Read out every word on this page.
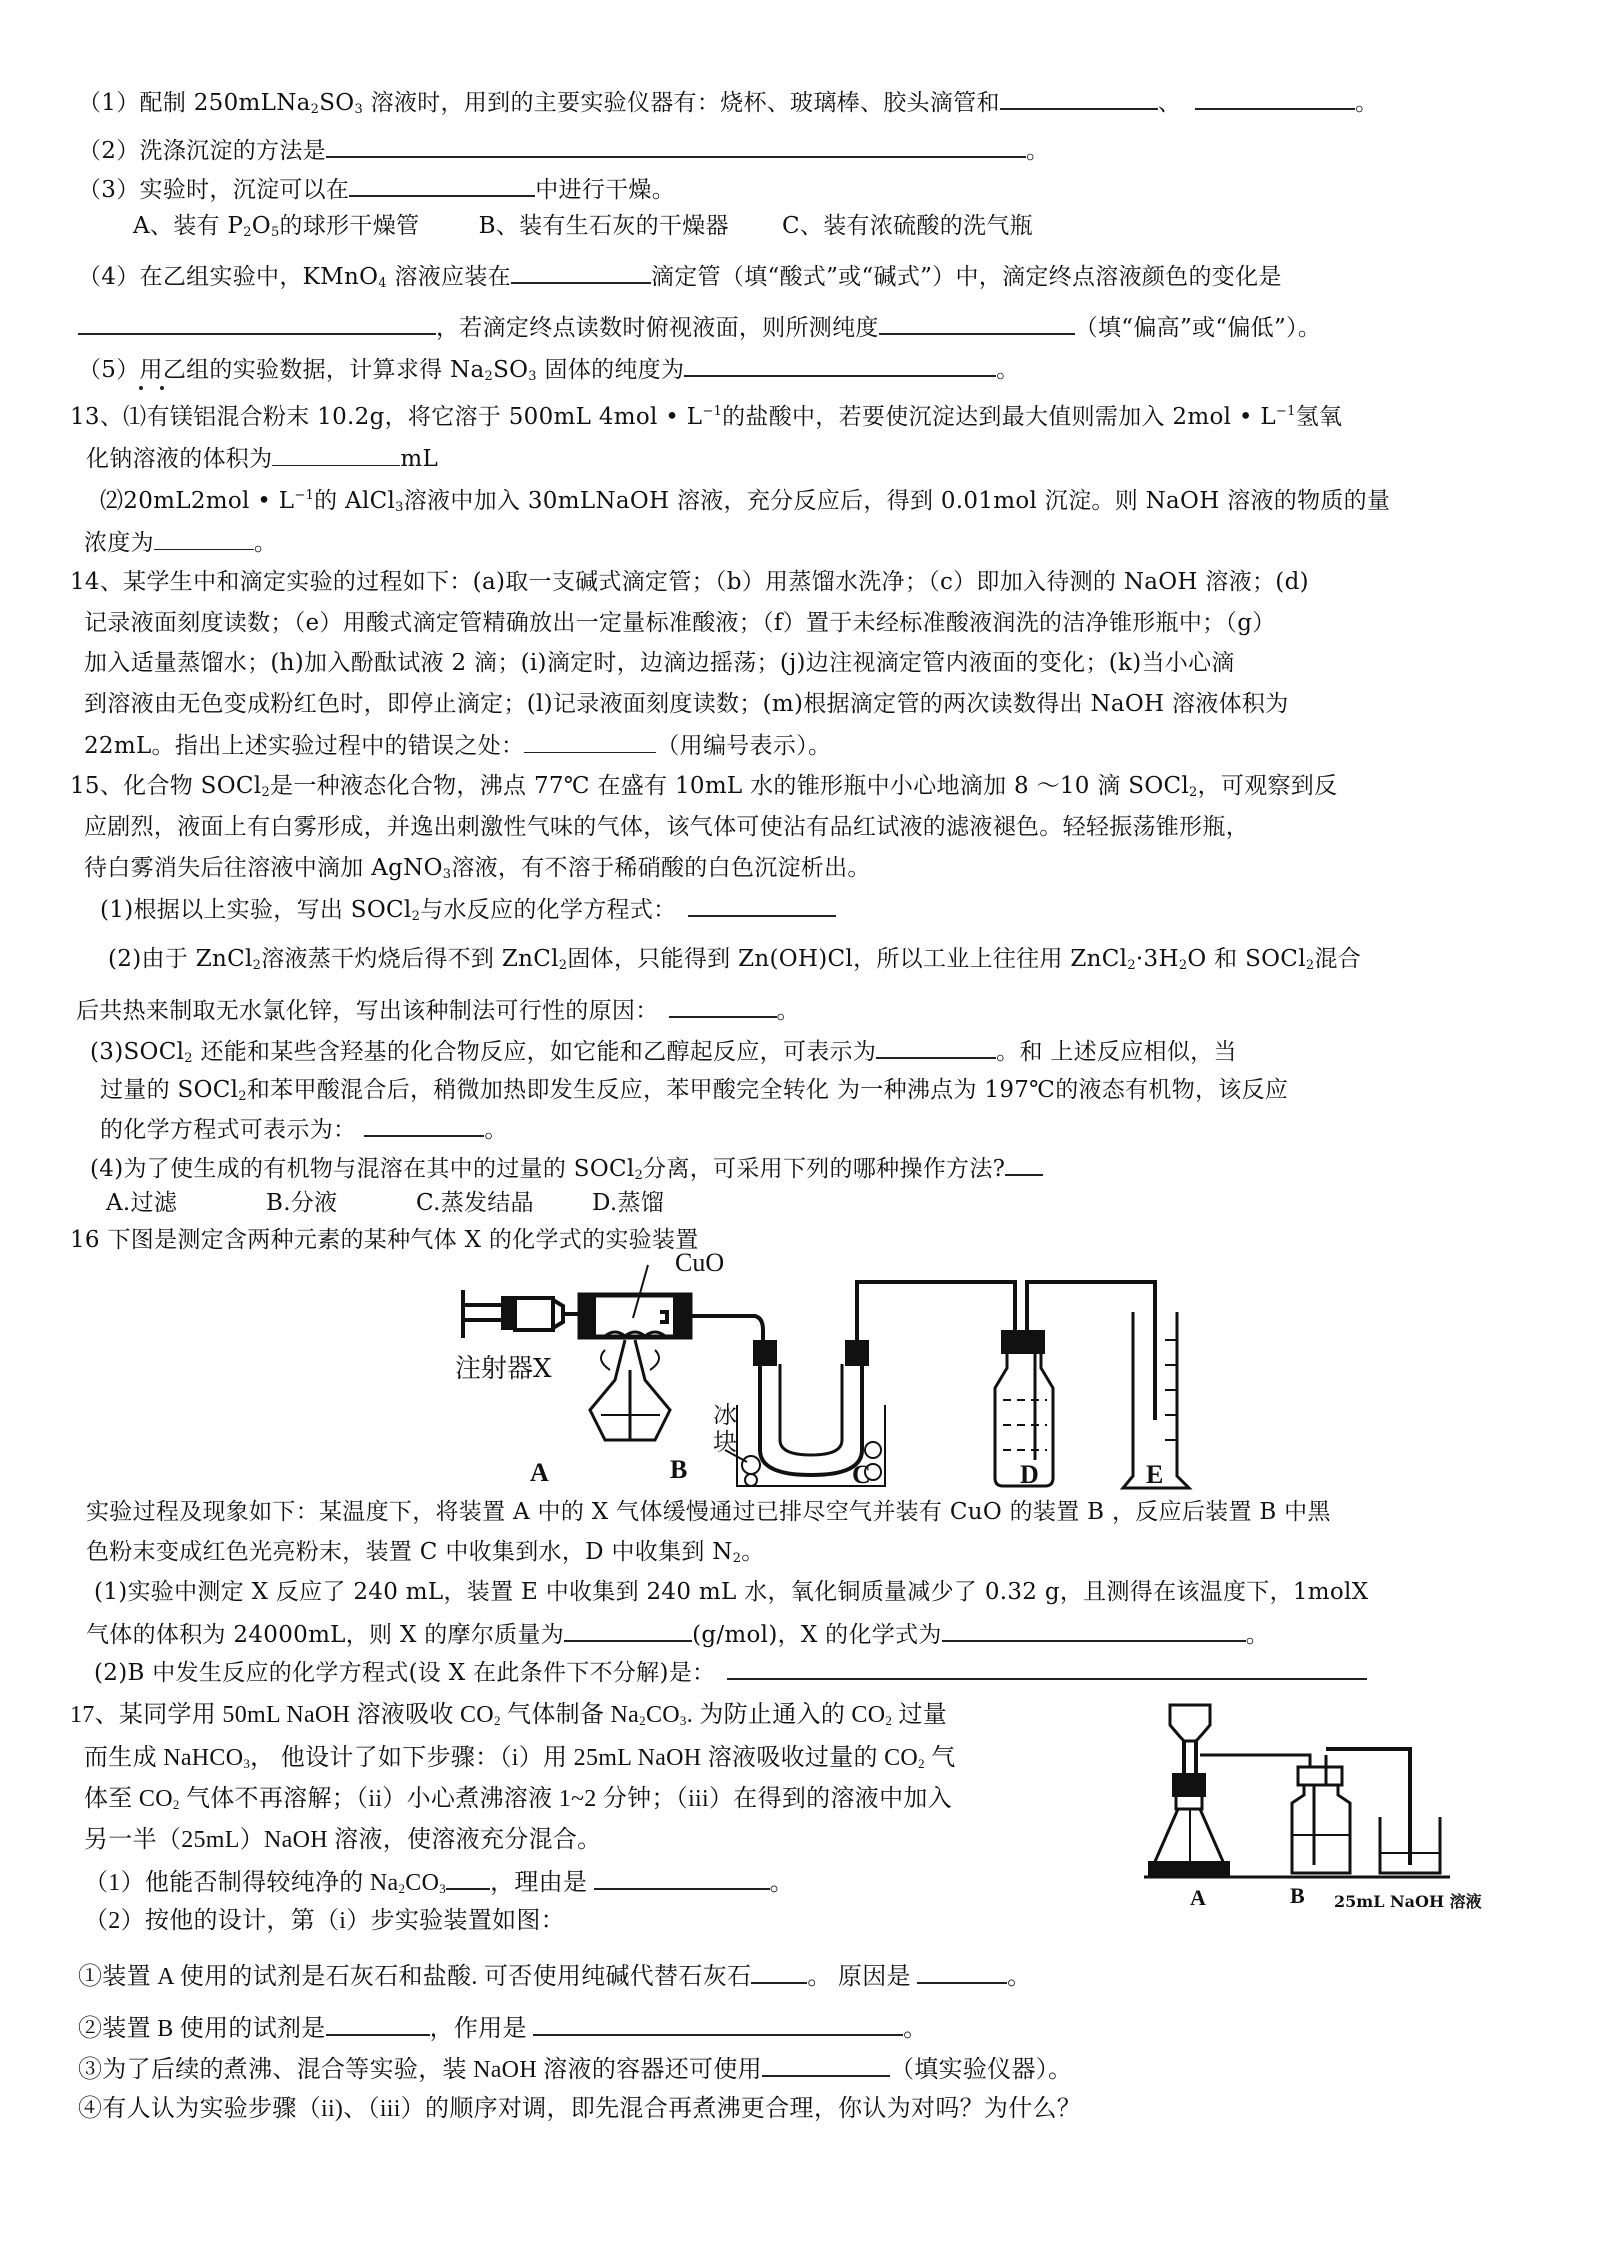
（1）配制 $250mLNa_2SO_3$ 溶液时，用到的主要实验仪器有：烧杯、玻璃棒、胶头滴管和	、	。
（2）洗涤沉淀的方法是	。
（3）实验时，沉淀可以在	中进行干燥。
A、装有 $P_2O_5$的球形干燥管	B、装有生石灰的干燥器 C、装有浓硫酸的洗气瓶
（4）在乙组实验中，KMnO$_4$ 溶液应装在	滴定管（填“酸式”或“碱式”）中，滴定终点溶液颜色的变化是
，若滴定终点读数时俯视液面，则所测纯度	（填“偏高”或“偏低”）。
（5）用乙组的实验数据，计算求得 $Na_2SO_3$ 固体的纯度为	。
13、⑴有镁铝混合粉末 10.2g，将它溶于 500mL 4mol • $L^{-1}$的盐酸中，若要使沉淀达到最大值则需加入 2mol • $L^{-1}$氢氧
化钠溶液的体积为	mL
⑵20mL2mol • $L^{-1}$的 AlCl$_3$溶液中加入 30mLNaOH 溶液，充分反应后，得到 0.01mol 沉淀。则 NaOH 溶液的物质的量
浓度为	。
14、某学生中和滴定实验的过程如下：(a)取一支碱式滴定管；（b）用蒸馏水洗净；（c）即加入待测的 NaOH 溶液；(d)
记录液面刻度读数；（e）用酸式滴定管精确放出一定量标准酸液；（f）置于未经标准酸液润洗的洁净锥形瓶中；（g）
加入适量蒸馏水；(h)加入酚酞试液 2 滴；(i)滴定时，边滴边摇荡；(j)边注视滴定管内液面的变化；(k)当小心滴
到溶液由无色变成粉红色时，即停止滴定；(l)记录液面刻度读数；(m)根据滴定管的两次读数得出 NaOH 溶液体积为
22mL。指出上述实验过程中的错误之处：	（用编号表示）。
15、化合物 SOCl$_2$是一种液态化合物，沸点 77℃ 在盛有 10mL 水的锥形瓶中小心地滴加 8 ～10 滴 SOCl$_2$，可观察到反
应剧烈，液面上有白雾形成，并逸出刺激性气味的气体，该气体可使沾有品红试液的滤液褪色。轻轻振荡锥形瓶，
待白雾消失后往溶液中滴加 AgNO$_3$溶液，有不溶于稀硝酸的白色沉淀析出。
(1)根据以上实验，写出 SOCl$_2$与水反应的化学方程式：
(2)由于 ZnCl$_2$溶液蒸干灼烧后得不到 ZnCl$_2$固体，只能得到 Zn(OH)Cl，所以工业上往往用 $ZnCl_2\cdot 3H_2O$ 和 SOCl$_2$混合
后共热来制取无水氯化锌，写出该种制法可行性的原因：	。
(3)SOCl$_2$ 还能和某些含羟基的化合物反应，如它能和乙醇起反应，可表示为	。和 上述反应相似，当
过量的 SOCl$_2$和苯甲酸混合后，稍微加热即发生反应，苯甲酸完全转化 为一种沸点为 197℃的液态有机物，该反应
的化学方程式可表示为：	。
(4)为了使生成的有机物与混溶在其中的过量的 SOCl$_2$分离，可采用下列的哪种操作方法?
A.过滤	B.分液	C.蒸发结晶	D.蒸馏
16 下图是测定含两种元素的某种气体 X 的化学式的实验装置
CuO
注射器X
冰
块
A	B	C	D	E
实验过程及现象如下：某温度下，将装置 A 中的 X 气体缓慢通过已排尽空气并装有 CuO 的装置 B ，反应后装置 B 中黑
色粉末变成红色光亮粉末，装置 C 中收集到水，D 中收集到 $N_2$。
(1)实验中测定 X 反应了 240 mL，装置 E 中收集到 240 mL 水，氧化铜质量减少了 0.32 g，且测得在该温度下，1molX
气体的体积为 24000mL，则 X 的摩尔质量为	(g/mol)，X 的化学式为	。
(2)B 中发生反应的化学方程式(设 X 在此条件下不分解)是：
17、某同学用 50mL NaOH 溶液吸收 $CO_2$ 气体制备 $Na_2CO_3$. 为防止通入的 $CO_2$ 过量
而生成 NaHCO$_3$， 他设计了如下步骤：（i）用 25mL NaOH 溶液吸收过量的 $CO_2$ 气
体至 $CO_2$ 气体不再溶解；（ii）小心煮沸溶液 1~2 分钟；（iii）在得到的溶液中加入
另一半（25mL）NaOH 溶液，使溶液充分混合。
（1）他能否制得较纯净的 $Na_2CO_3$ ，理由是	。
（2）按他的设计，第（i）步实验装置如图：
A	B 25mL NaOH 溶液
①装置 A 使用的试剂是石灰石和盐酸. 可否使用纯碱代替石灰石 。 原因是	。
②装置 B 使用的试剂是	，作用是	。
③为了后续的煮沸、混合等实验，装 NaOH 溶液的容器还可使用	（填实验仪器）。
④有人认为实验步骤（ii)、（iii）的顺序对调，即先混合再煮沸更合理，你认为对吗？为什么？
